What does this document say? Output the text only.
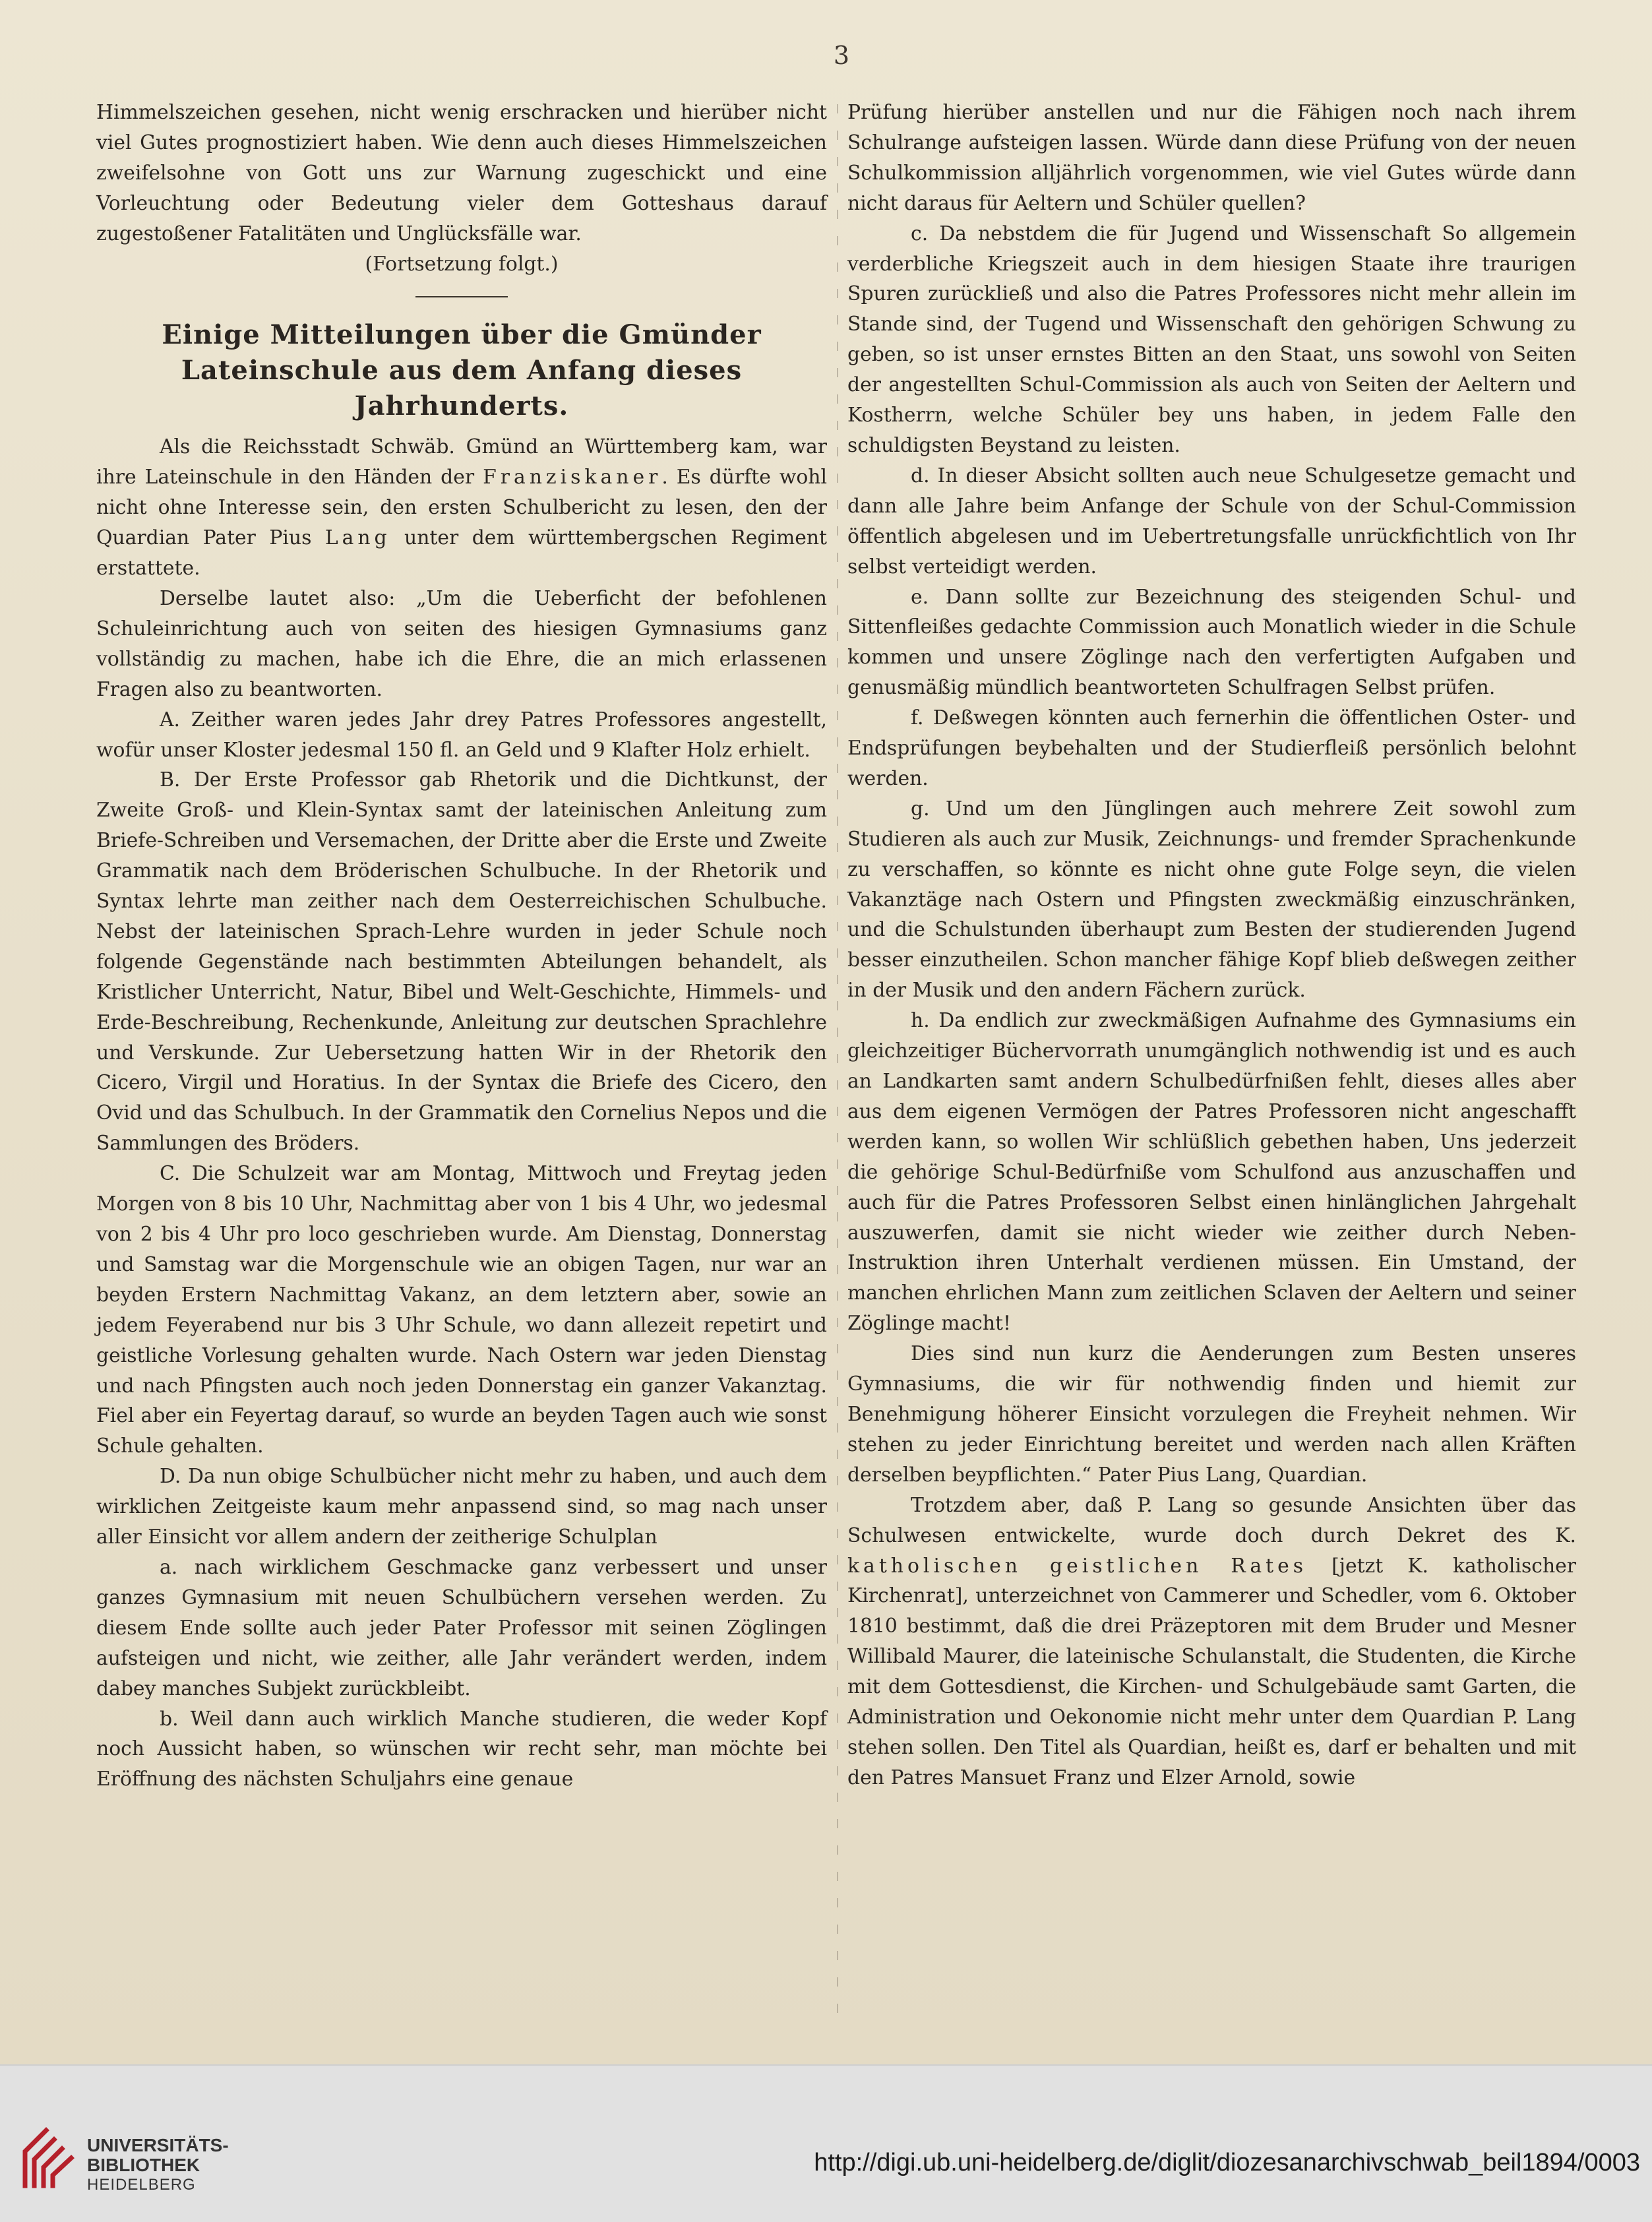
3

Himmelszeichen gesehen, nicht wenig erschracken und hierüber nicht viel Gutes prognostiziert haben. Wie denn auch dieses Himmelszeichen zweifelsohne von Gott uns zur Warnung zugeschickt und eine Vorleuchtung oder Bedeutung vieler dem Gotteshaus darauf zugestoßener Fatalitäten und Unglücksfälle war.

(Fortsetzung folgt.)

Einige Mitteilungen über die Gmünder Lateinschule aus dem Anfang dieses Jahrhunderts.

Als die Reichsstadt Schwäb. Gmünd an Württemberg kam, war ihre Lateinschule in den Händen der Franziskaner. Es dürfte wohl nicht ohne Interesse sein, den ersten Schulbericht zu lesen, den der Quardian Pater Pius Lang unter dem württembergschen Regiment erstattete.

Derselbe lautet also: „Um die Ueberficht der befohlenen Schuleinrichtung auch von seiten des hiesigen Gymnasiums ganz vollständig zu machen, habe ich die Ehre, die an mich erlassenen Fragen also zu beantworten.

A. Zeither waren jedes Jahr drey Patres Professores angestellt, wofür unser Kloster jedesmal 150 fl. an Geld und 9 Klafter Holz erhielt.

B. Der Erste Professor gab Rhetorik und die Dichtkunst, der Zweite Groß- und Klein-Syntax samt der lateinischen Anleitung zum Briefe-Schreiben und Versemachen, der Dritte aber die Erste und Zweite Grammatik nach dem Bröderischen Schulbuche. In der Rhetorik und Syntax lehrte man zeither nach dem Oesterreichischen Schulbuche. Nebst der lateinischen Sprach-Lehre wurden in jeder Schule noch folgende Gegenstände nach bestimmten Abteilungen behandelt, als Kristlicher Unterricht, Natur, Bibel und Welt-Geschichte, Himmels- und Erde-Beschreibung, Rechenkunde, Anleitung zur deutschen Sprachlehre und Verskunde. Zur Uebersetzung hatten Wir in der Rhetorik den Cicero, Virgil und Horatius. In der Syntax die Briefe des Cicero, den Ovid und das Schulbuch. In der Grammatik den Cornelius Nepos und die Sammlungen des Bröders.

C. Die Schulzeit war am Montag, Mittwoch und Freytag jeden Morgen von 8 bis 10 Uhr, Nachmittag aber von 1 bis 4 Uhr, wo jedesmal von 2 bis 4 Uhr pro loco geschrieben wurde. Am Dienstag, Donnerstag und Samstag war die Morgenschule wie an obigen Tagen, nur war an beyden Erstern Nachmittag Vakanz, an dem letztern aber, sowie an jedem Feyerabend nur bis 3 Uhr Schule, wo dann allezeit repetirt und geistliche Vorlesung gehalten wurde. Nach Ostern war jeden Dienstag und nach Pfingsten auch noch jeden Donnerstag ein ganzer Vakanztag. Fiel aber ein Feyertag darauf, so wurde an beyden Tagen auch wie sonst Schule gehalten.

D. Da nun obige Schulbücher nicht mehr zu haben, und auch dem wirklichen Zeitgeiste kaum mehr anpassend sind, so mag nach unser aller Einsicht vor allem andern der zeitherige Schulplan

a. nach wirklichem Geschmacke ganz verbessert und unser ganzes Gymnasium mit neuen Schulbüchern versehen werden. Zu diesem Ende sollte auch jeder Pater Professor mit seinen Zöglingen aufsteigen und nicht, wie zeither, alle Jahr verändert werden, indem dabey manches Subjekt zurückbleibt.

b. Weil dann auch wirklich Manche studieren, die weder Kopf noch Aussicht haben, so wünschen wir recht sehr, man möchte bei Eröffnung des nächsten Schuljahrs eine genaue

Prüfung hierüber anstellen und nur die Fähigen noch nach ihrem Schulrange aufsteigen lassen. Würde dann diese Prüfung von der neuen Schulkommission alljährlich vorgenommen, wie viel Gutes würde dann nicht daraus für Aeltern und Schüler quellen?

c. Da nebstdem die für Jugend und Wissenschaft So allgemein verderbliche Kriegszeit auch in dem hiesigen Staate ihre traurigen Spuren zurückließ und also die Patres Professores nicht mehr allein im Stande sind, der Tugend und Wissenschaft den gehörigen Schwung zu geben, so ist unser ernstes Bitten an den Staat, uns sowohl von Seiten der angestellten Schul-Commission als auch von Seiten der Aeltern und Kostherrn, welche Schüler bey uns haben, in jedem Falle den schuldigsten Beystand zu leisten.

d. In dieser Absicht sollten auch neue Schulgesetze gemacht und dann alle Jahre beim Anfange der Schule von der Schul-Commission öffentlich abgelesen und im Uebertretungsfalle unrückfichtlich von Ihr selbst verteidigt werden.

e. Dann sollte zur Bezeichnung des steigenden Schul- und Sittenfleißes gedachte Commission auch Monatlich wieder in die Schule kommen und unsere Zöglinge nach den verfertigten Aufgaben und genusmäßig mündlich beantworteten Schulfragen Selbst prüfen.

f. Deßwegen könnten auch fernerhin die öffentlichen Oster- und Endsprüfungen beybehalten und der Studierfleiß persönlich belohnt werden.

g. Und um den Jünglingen auch mehrere Zeit sowohl zum Studieren als auch zur Musik, Zeichnungs- und fremder Sprachenkunde zu verschaffen, so könnte es nicht ohne gute Folge seyn, die vielen Vakanztäge nach Ostern und Pfingsten zweckmäßig einzuschränken, und die Schulstunden überhaupt zum Besten der studierenden Jugend besser einzutheilen. Schon mancher fähige Kopf blieb deßwegen zeither in der Musik und den andern Fächern zurück.

h. Da endlich zur zweckmäßigen Aufnahme des Gymnasiums ein gleichzeitiger Büchervorrath unumgänglich nothwendig ist und es auch an Landkarten samt andern Schulbedürfnißen fehlt, dieses alles aber aus dem eigenen Vermögen der Patres Professoren nicht angeschafft werden kann, so wollen Wir schlüßlich gebethen haben, Uns jederzeit die gehörige Schul-Bedürfniße vom Schulfond aus anzuschaffen und auch für die Patres Professoren Selbst einen hinlänglichen Jahrgehalt auszuwerfen, damit sie nicht wieder wie zeither durch Neben-Instruktion ihren Unterhalt verdienen müssen. Ein Umstand, der manchen ehrlichen Mann zum zeitlichen Sclaven der Aeltern und seiner Zöglinge macht!

Dies sind nun kurz die Aenderungen zum Besten unseres Gymnasiums, die wir für nothwendig finden und hiemit zur Benehmigung höherer Einsicht vorzulegen die Freyheit nehmen. Wir stehen zu jeder Einrichtung bereitet und werden nach allen Kräften derselben beypflichten.“ Pater Pius Lang, Quardian.

Trotzdem aber, daß P. Lang so gesunde Ansichten über das Schulwesen entwickelte, wurde doch durch Dekret des K. katholischen geistlichen Rates [jetzt K. katholischer Kirchenrat], unterzeichnet von Cammerer und Schedler, vom 6. Oktober 1810 bestimmt, daß die drei Präzeptoren mit dem Bruder und Mesner Willibald Maurer, die lateinische Schulanstalt, die Studenten, die Kirche mit dem Gottesdienst, die Kirchen- und Schulgebäude samt Garten, die Administration und Oekonomie nicht mehr unter dem Quardian P. Lang stehen sollen. Den Titel als Quardian, heißt es, darf er behalten und mit den Patres Mansuet Franz und Elzer Arnold, sowie

UNIVERSITÄTS-
BIBLIOTHEK
HEIDELBERG
http://digi.ub.uni-heidelberg.de/diglit/diozesanarchivschwab_beil1894/0003
